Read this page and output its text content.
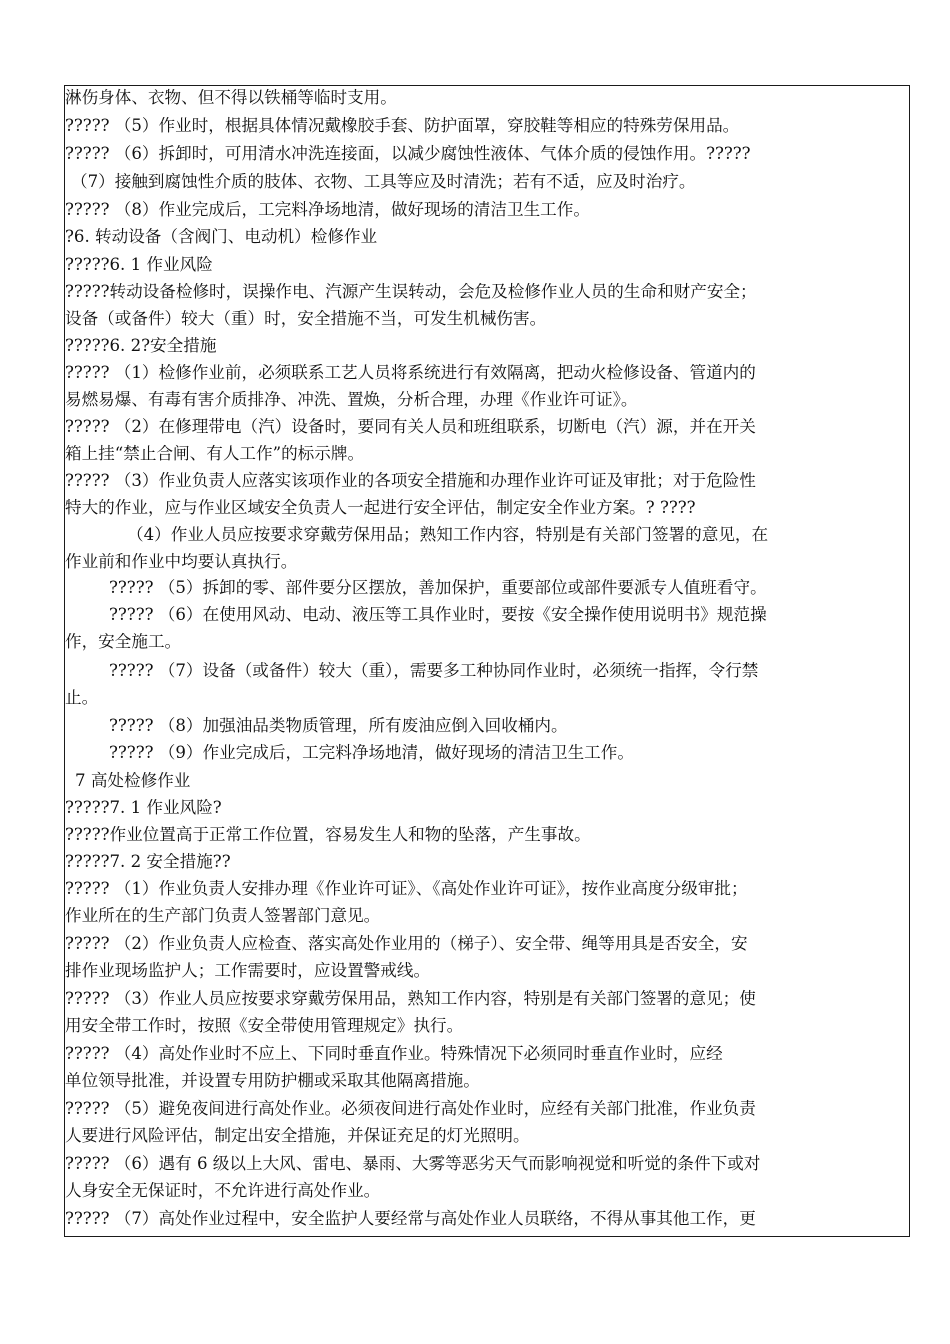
淋伤身体、衣物、但不得以铁桶等临时支用。
????? （5）作业时，根据具体情况戴橡胶手套、防护面罩，穿胶鞋等相应的特殊劳保用品。
????? （6）拆卸时，可用清水冲洗连接面，以减少腐蚀性液体、气体介质的侵蚀作用。?????
（7）接触到腐蚀性介质的肢体、衣物、工具等应及时清洗；若有不适，应及时治疗。
????? （8）作业完成后，工完料净场地清，做好现场的清洁卫生工作。
?6. 转动设备（含阀门、电动机）检修作业
?????6. 1 作业风险
?????转动设备检修时，误操作电、汽源产生误转动，会危及检修作业人员的生命和财产安全；
设备（或备件）较大（重）时，安全措施不当，可发生机械伤害。
?????6. 2?安全措施
????? （1）检修作业前，必须联系工艺人员将系统进行有效隔离，把动火检修设备、管道内的
易燃易爆、有毒有害介质排净、冲洗、置焕，分析合理，办理《作业许可证》。
????? （2）在修理带电（汽）设备时，要同有关人员和班组联系，切断电（汽）源，并在开关
箱上挂“禁止合闸、有人工作”的标示牌。
????? （3）作业负责人应落实该项作业的各项安全措施和办理作业许可证及审批；对于危险性
特大的作业，应与作业区域安全负责人一起进行安全评估，制定安全作业方案。? ????
（4）作业人员应按要求穿戴劳保用品；熟知工作内容，特别是有关部门签署的意见，在
作业前和作业中均要认真执行。
????? （5）拆卸的零、部件要分区摆放，善加保护，重要部位或部件要派专人值班看守。
????? （6）在使用风动、电动、液压等工具作业时，要按《安全操作使用说明书》规范操
作，安全施工。
????? （7）设备（或备件）较大（重），需要多工种协同作业时，必须统一指挥，令行禁
止。
????? （8）加强油品类物质管理，所有废油应倒入回收桶内。
????? （9）作业完成后，工完料净场地清，做好现场的清洁卫生工作。
7 高处检修作业
?????7. 1 作业风险?
?????作业位置高于正常工作位置，容易发生人和物的坠落，产生事故。
?????7. 2 安全措施??
????? （1）作业负责人安排办理《作业许可证》、《高处作业许可证》，按作业高度分级审批；
作业所在的生产部门负责人签署部门意见。
????? （2）作业负责人应检查、落实高处作业用的（梯子）、安全带、绳等用具是否安全，安
排作业现场监护人；工作需要时，应设置警戒线。
????? （3）作业人员应按要求穿戴劳保用品，熟知工作内容，特别是有关部门签署的意见；使
用安全带工作时，按照《安全带使用管理规定》执行。
????? （4）高处作业时不应上、下同时垂直作业。特殊情况下必须同时垂直作业时，应经
单位领导批准，并设置专用防护棚或采取其他隔离措施。
????? （5）避免夜间进行高处作业。必须夜间进行高处作业时，应经有关部门批准，作业负责
人要进行风险评估，制定出安全措施，并保证充足的灯光照明。
????? （6）遇有 6 级以上大风、雷电、暴雨、大雾等恶劣天气而影响视觉和听觉的条件下或对
人身安全无保证时，不允许进行高处作业。
????? （7）高处作业过程中，安全监护人要经常与高处作业人员联络，不得从事其他工作，更
